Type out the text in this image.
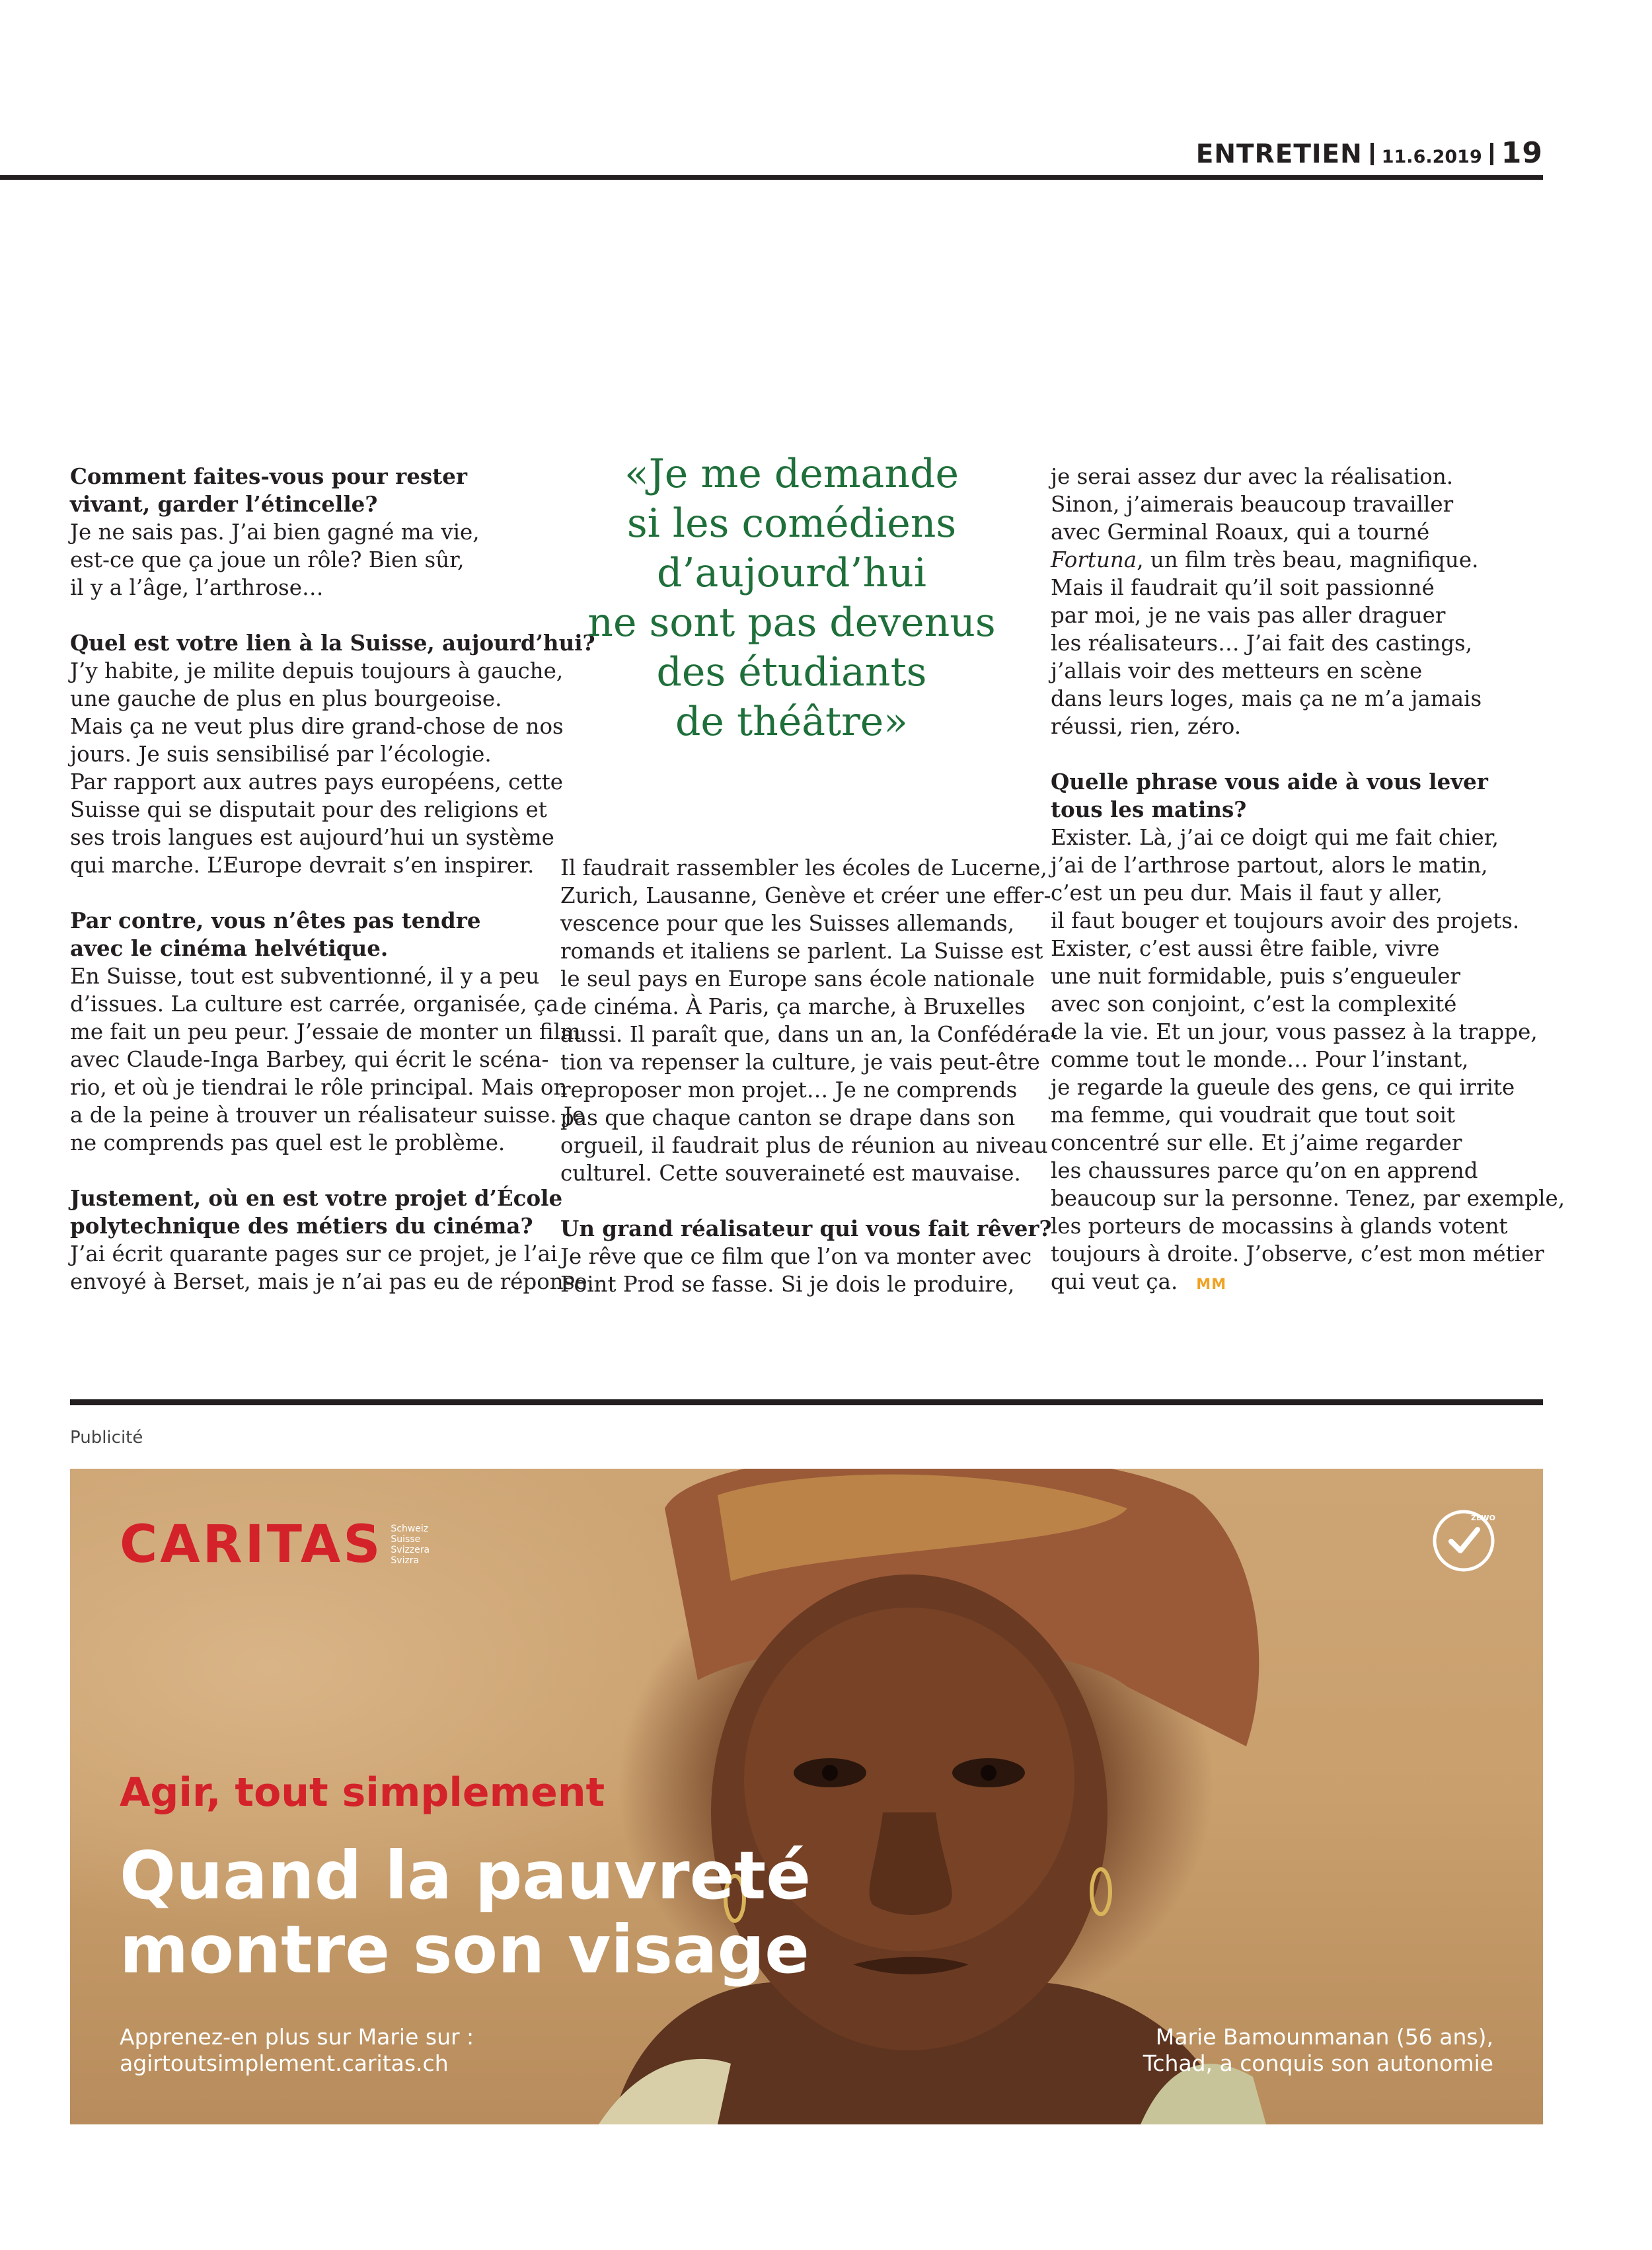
ENTRETIEN 11.6.2019 19

Comment faites-vous pour rester
vivant, garder l’étincelle?

Je ne sais pas. J’ai bien gagné ma vie,
est-ce que ça joue un rôle? Bien sûr,
il y a l’âge, l’arthrose…

Quel est votre lien à la Suisse, aujourd’hui?

J’y habite, je milite depuis toujours à gauche,
une gauche de plus en plus bourgeoise.
Mais ça ne veut plus dire grand-chose de nos
jours. Je suis sensibilisé par l’écologie.
Par rapport aux autres pays européens, cette
Suisse qui se disputait pour des religions et
ses trois langues est aujourd’hui un système
qui marche. L’Europe devrait s’en inspirer.

Par contre, vous n’êtes pas tendre
avec le cinéma helvétique.

En Suisse, tout est subventionné, il y a peu
d’issues. La culture est carrée, organisée, ça
me fait un peu peur. J’essaie de monter un film
avec Claude-Inga Barbey, qui écrit le scéna-
rio, et où je tiendrai le rôle principal. Mais on
a de la peine à trouver un réalisateur suisse. Je
ne comprends pas quel est le problème.

Justement, où en est votre projet d’École
polytechnique des métiers du cinéma?

J’ai écrit quarante pages sur ce projet, je l’ai
envoyé à Berset, mais je n’ai pas eu de réponse.

«Je me demande
si les comédiens
d’aujourd’hui
ne sont pas devenus
des étudiants
de théâtre»

Il faudrait rassembler les écoles de Lucerne,
Zurich, Lausanne, Genève et créer une effer-
vescence pour que les Suisses allemands,
romands et italiens se parlent. La Suisse est
le seul pays en Europe sans école nationale
de cinéma. À Paris, ça marche, à Bruxelles
aussi. Il paraît que, dans un an, la Confédéra-
tion va repenser la culture, je vais peut-être
reproposer mon projet… Je ne comprends
pas que chaque canton se drape dans son
orgueil, il faudrait plus de réunion au niveau
culturel. Cette souveraineté est mauvaise.

Un grand réalisateur qui vous fait rêver?

Je rêve que ce film que l’on va monter avec
Point Prod se fasse. Si je dois le produire,

je serai assez dur avec la réalisation.
Sinon, j’aimerais beaucoup travailler
avec Germinal Roaux, qui a tourné
Fortuna, un film très beau, magnifique.
Mais il faudrait qu’il soit passionné
par moi, je ne vais pas aller draguer
les réalisateurs… J’ai fait des castings,
j’allais voir des metteurs en scène
dans leurs loges, mais ça ne m’a jamais
réussi, rien, zéro.

Quelle phrase vous aide à vous lever
tous les matins?

Exister. Là, j’ai ce doigt qui me fait chier,
j’ai de l’arthrose partout, alors le matin,
c’est un peu dur. Mais il faut y aller,
il faut bouger et toujours avoir des projets.
Exister, c’est aussi être faible, vivre
une nuit formidable, puis s’engueuler
avec son conjoint, c’est la complexité
de la vie. Et un jour, vous passez à la trappe,
comme tout le monde… Pour l’instant,
je regarde la gueule des gens, ce qui irrite
ma femme, qui voudrait que tout soit
concentré sur elle. Et j’aime regarder
les chaussures parce qu’on en apprend
beaucoup sur la personne. Tenez, par exemple,
les porteurs de mocassins à glands votent
toujours à droite. J’observe, c’est mon métier
qui veut ça. MM

Publicité
CARITAS Schweiz
Suisse
Svizzera
Svizra
ZEWO
Agir, tout simplement
Quand la pauvreté
montre son visage
Apprenez-en plus sur Marie sur :
agirtoutsimplement.caritas.ch
Marie Bamounmanan (56 ans),
Tchad, a conquis son autonomie
